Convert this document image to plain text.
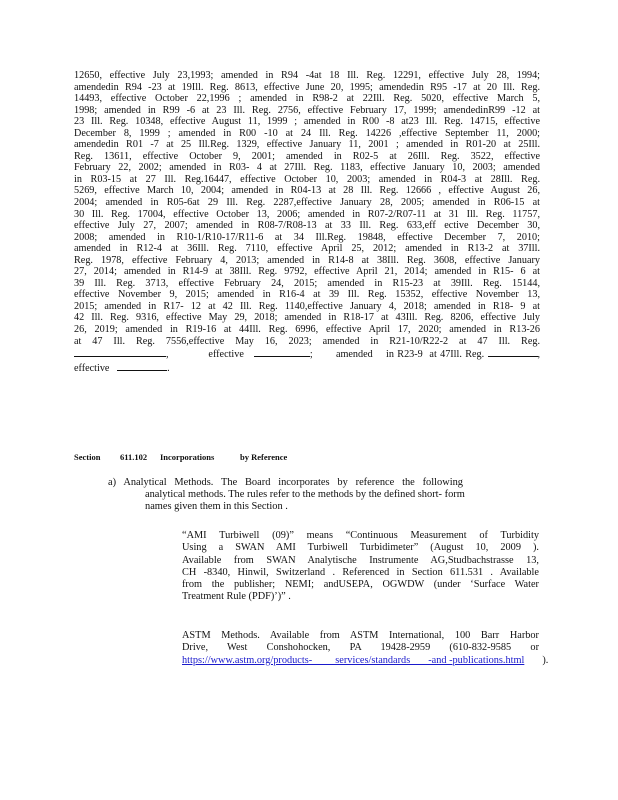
12650, effective July 23,1993; amended in R94 -4at 18 Ill. Reg. 12291, effective July 28, 1994;
amendedin R94 -23 at 19Ill. Reg. 8613, effective June 20, 1995; amendedin R95 -17 at 20 Ill. Reg.
14493, effective October 22,1996 ; amended in R98-2 at 22Ill. Reg. 5020, effective March 5,
1998; amended in R99 -6 at 23 Ill. Reg. 2756, effective February 17, 1999; amendedinR99 -12 at
23 Ill. Reg. 10348, effective August 11, 1999 ; amended in R00 -8 at23 Ill. Reg. 14715, effective
December 8, 1999 ; amended in R00 -10 at 24 Ill. Reg. 14226 ,effective September 11, 2000;
amendedin R01 -7 at 25 Ill.Reg. 1329, effective January 11, 2001 ; amended in R01-20 at 25Ill.
Reg. 13611, effective October 9, 2001; amended in R02-5 at 26Ill. Reg. 3522, effective
February 22, 2002; amended in R03- 4 at 27Ill. Reg. 1183, effective January 10, 2003; amended
in R03-15 at 27 Ill. Reg.16447, effective October 10, 2003; amended in R04-3 at 28Ill. Reg.
5269, effective March 10, 2004; amended in R04-13 at 28 Ill. Reg. 12666 , effective August 26,
2004; amended in R05-6at 29 Ill. Reg. 2287,effective January 28, 2005; amended in R06-15 at
30 Ill. Reg. 17004, effective October 13, 2006; amended in R07-2/R07-11 at 31 Ill. Reg. 11757,
effective July 27, 2007; amended in R08-7/R08-13 at 33 Ill. Reg. 633,eff ective December 30,
2008; amended in R10-1/R10-17/R11-6 at 34 Ill.Reg. 19848, effective December 7, 2010;
amended in R12-4 at 36Ill. Reg. 7110, effective April 25, 2012; amended in R13-2 at 37Ill.
Reg. 1978, effective February 4, 2013; amended in R14-8 at 38Ill. Reg. 3608, effective January
27, 2014; amended in R14-9 at 38Ill. Reg. 9792, effective April 21, 2014; amended in R15- 6 at
39 Ill. Reg. 3713, effective February 24, 2015; amended in R15-23 at 39Ill. Reg. 15144,
effective November 9, 2015; amended in R16-4 at 39 Ill. Reg. 15352, effective November 13,
2015; amended in R17- 12 at 42 Ill. Reg. 1140,effective January 4, 2018; amended in R18- 9 at
42 Ill. Reg. 9316, effective May 29, 2018; amended in R18-17 at 43Ill. Reg. 8206, effective July
26, 2019; amended in R19-16 at 44Ill. Reg. 6996, effective April 17, 2020; amended in R13-26
at 47 Ill. Reg. 7556,effective May 16, 2023; amended in R21-10/R22-2 at 47 Ill. Reg.
,            effective	; amended in R23-9 at 47Ill. Reg.	,
effective	.
Section 611.102 Incorporations	by Reference
a) Analytical Methods. The Board incorporates by reference the following
analytical methods. The rules refer to the methods by the defined short- form
names given them in this Section .
“AMI Turbiwell (09)” means “Continuous Measurement of Turbidity
Using a SWAN AMI Turbiwell Turbidimeter” (August 10, 2009 ).
Available from SWAN Analytische Instrumente AG,Studbachstrasse 13,
CH -8340, Hinwil, Switzerland . Referenced in Section 611.531 . Available
from the publisher; NEMI; andUSEPA, OGWDW (under ‘Surface Water
Treatment Rule (PDF)’)” .
ASTM Methods. Available from ASTM International, 100 Barr Harbor
Drive, West Conshohocken, PA 19428-2959 (610-832-9585 or
https://www.astm.org/products-         services/standards       -and -publications.html ).
